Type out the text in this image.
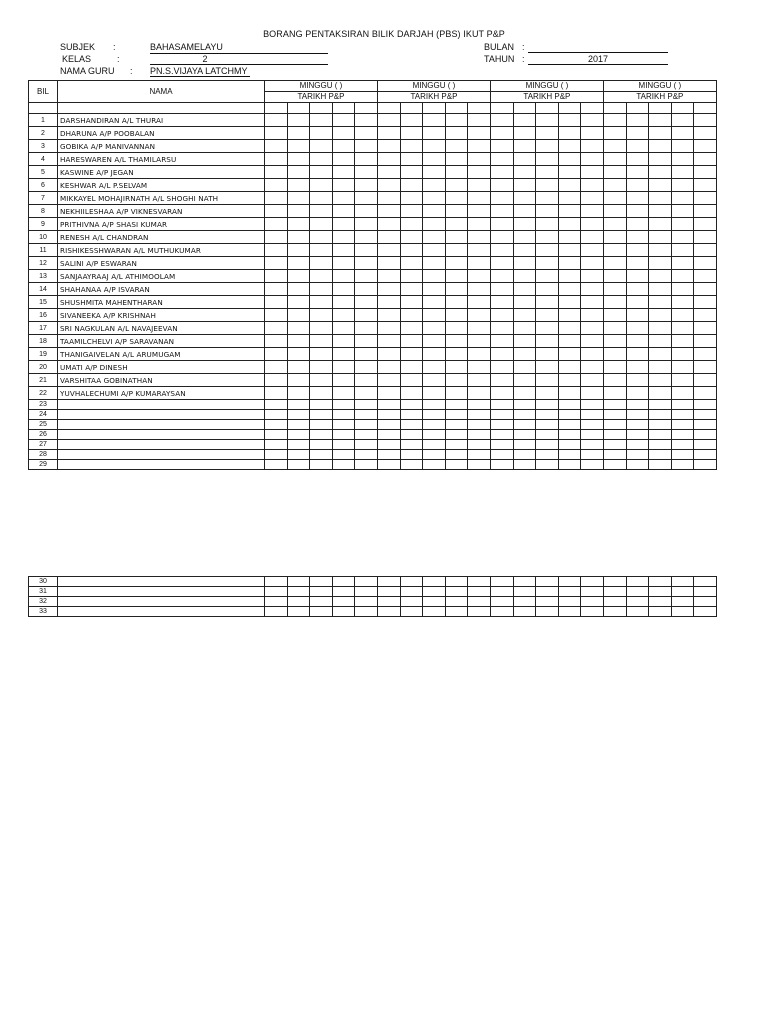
BORANG PENTAKSIRAN BILIK DARJAH (PBS) IKUT P&P
SUBJEK :	BAHASAMELAYU
KELAS	:	2
NAMA GURU : PN.S.VIJAYA LATCHMY
BULAN :
TAHUN :	2017
BIL	NAMA	MINGGU ( )					MINGGU ( )					MINGGU ( )					MINGGU ( )				
		TARIKH P&P					TARIKH P&P					TARIKH P&P					TARIKH P&P				

1	DARSHANDIRAN A/L THURAI																				
2	DHARUNA A/P POOBALAN																				
3	GOBIKA A/P MANIVANNAN																				
4	HARESWAREN A/L THAMILARSU																				
5	KASWINE A/P JEGAN																				
6	KESHWAR A/L P.SELVAM																				
7	MIKKAYEL MOHAJIRNATH A/L SHOGHI NATH																				
8	NEKHIILESHAA A/P VIKNESVARAN																				
9	PRITHIVNA A/P SHASI KUMAR																				
10	RENESH A/L CHANDRAN																				
11	RISHIKESSHWARAN A/L MUTHUKUMAR																				
12	SALINI A/P ESWARAN																				
13	SANJAAYRAAJ A/L ATHIMOOLAM																				
14	SHAHANAA A/P ISVARAN																				
15	SHUSHMITA MAHENTHARAN																				
16	SIVANEEKA A/P KRISHNAH																				
17	SRI NAGKULAN A/L NAVAJEEVAN																				
18	TAAMILCHELVI A/P SARAVANAN																				
19	THANIGAIVELAN A/L ARUMUGAM																				
20	UMATI A/P DINESH																				
21	VARSHITAA GOBINATHAN																				
22	YUVHALECHUMI A/P KUMARAYSAN																				
23																					
24																					
25																					
26																					
27																					
28																					
29																					
30																					
31																					
32																					
33																					
